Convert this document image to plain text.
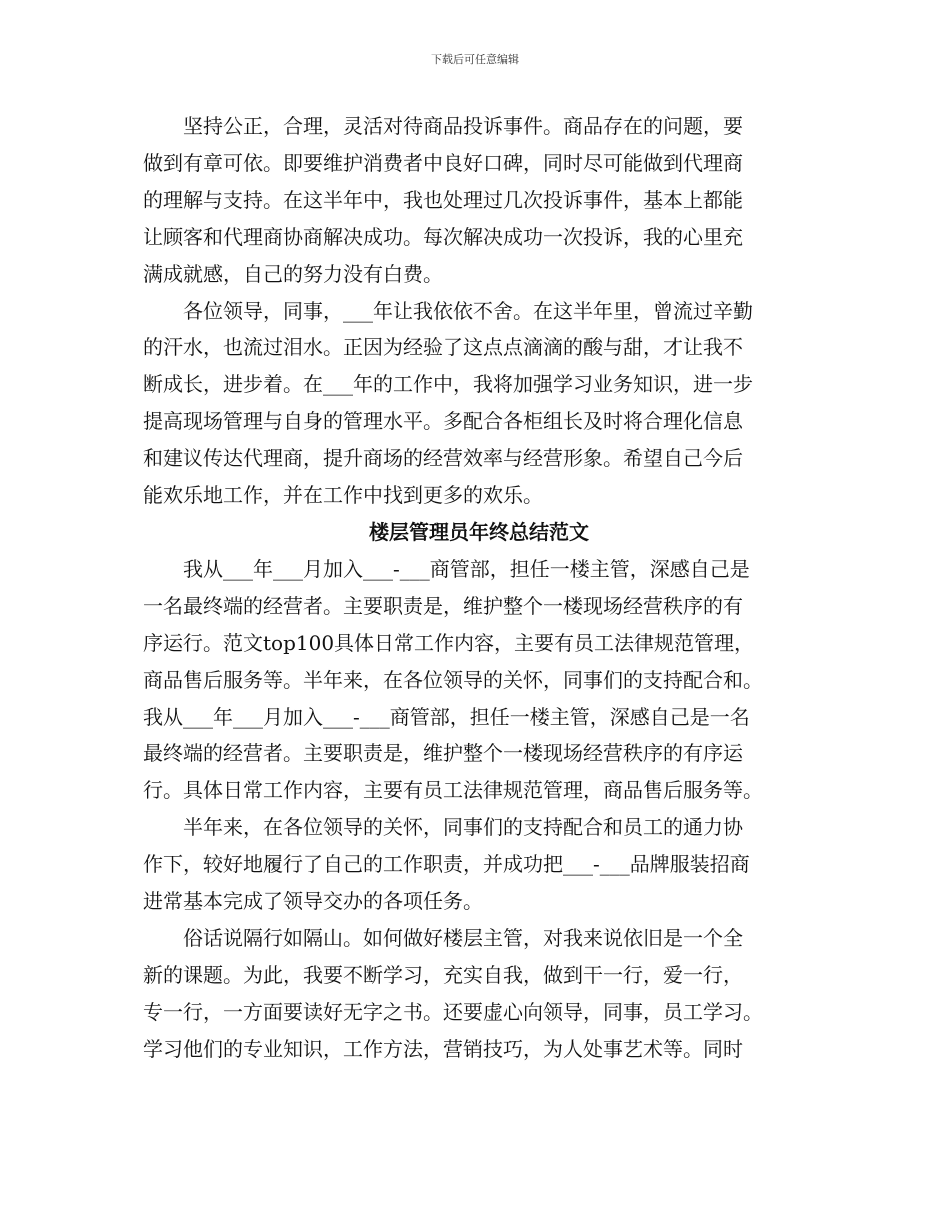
下载后可任意编辑
　　坚持公正，合理，灵活对待商品投诉事件。商品存在的问题，要
做到有章可依。即要维护消费者中良好口碑，同时尽可能做到代理商
的理解与支持。在这半年中，我也处理过几次投诉事件，基本上都能
让顾客和代理商协商解决成功。每次解决成功一次投诉，我的心里充
满成就感，自己的努力没有白费。
　　各位领导，同事，___年让我依依不舍。在这半年里，曾流过辛勤
的汗水，也流过泪水。正因为经验了这点点滴滴的酸与甜，才让我不
断成长，进步着。在___年的工作中，我将加强学习业务知识，进一步
提高现场管理与自身的管理水平。多配合各柜组长及时将合理化信息
和建议传达代理商，提升商场的经营效率与经营形象。希望自己今后
能欢乐地工作，并在工作中找到更多的欢乐。
楼层管理员年终总结范文
　　我从___年___月加入___-___商管部，担任一楼主管，深感自己是
一名最终端的经营者。主要职责是，维护整个一楼现场经营秩序的有
序运行。范文top100具体日常工作内容，主要有员工法律规范管理，
商品售后服务等。半年来，在各位领导的关怀，同事们的支持配合和。
我从___年___月加入___-___商管部，担任一楼主管，深感自己是一名
最终端的经营者。主要职责是，维护整个一楼现场经营秩序的有序运
行。具体日常工作内容，主要有员工法律规范管理，商品售后服务等。
　　半年来，在各位领导的关怀，同事们的支持配合和员工的通力协
作下，较好地履行了自己的工作职责，并成功把___-___品牌服装招商
进常基本完成了领导交办的各项任务。
　　俗话说隔行如隔山。如何做好楼层主管，对我来说依旧是一个全
新的课题。为此，我要不断学习，充实自我，做到干一行，爱一行，
专一行，一方面要读好无字之书。还要虚心向领导，同事，员工学习。
学习他们的专业知识，工作方法，营销技巧，为人处事艺术等。同时
